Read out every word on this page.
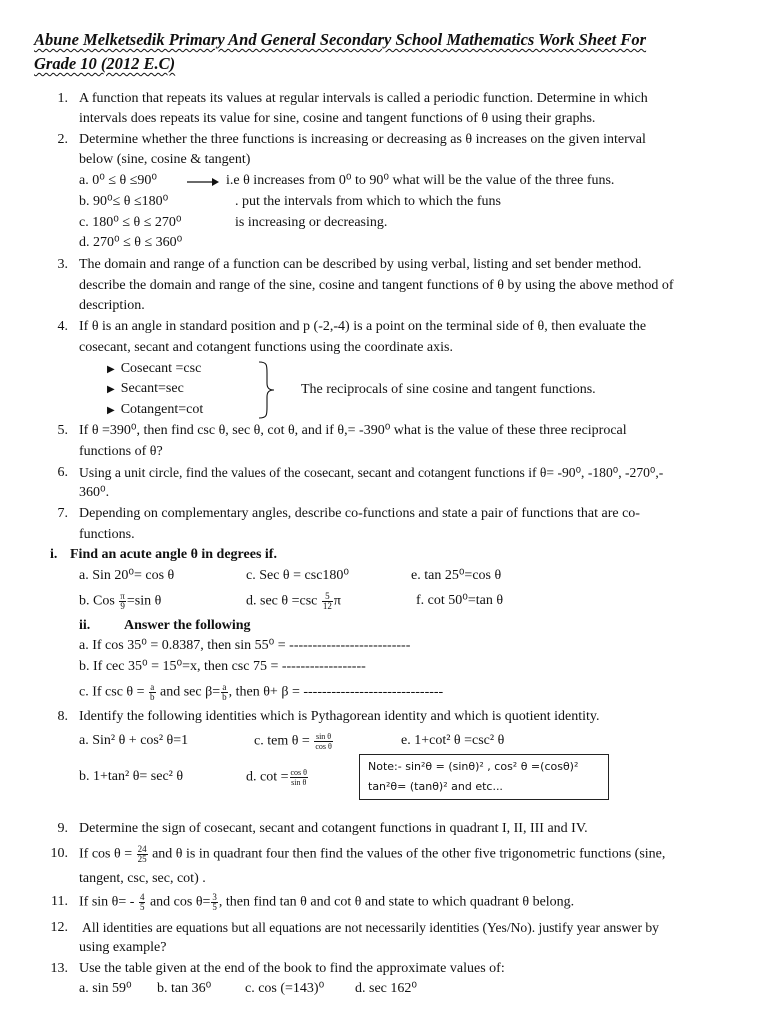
Abune Melketsedik Primary And General Secondary School Mathematics Work Sheet For
Grade 10 (2012 E.C)
1. A function that repeats its values at regular intervals is called a periodic function. Determine in which
intervals does repeats its value for sine, cosine and tangent functions of θ using their graphs.
2. Determine whether the three functions is increasing or decreasing as θ increases on the given interval
below (sine, cosine & tangent)
a. 0⁰ ≤ θ ≤90⁰	i.e θ increases from 0⁰ to 90⁰ what will be the value of the three funs.
b. 90⁰≤ θ ≤180⁰	. put the intervals from which to which the funs
c. 180⁰ ≤ θ ≤ 270⁰	is increasing or decreasing.
d. 270⁰ ≤ θ ≤ 360⁰
3. The domain and range of a function can be described by using verbal, listing and set bender method.
describe the domain and range of the sine, cosine and tangent functions of θ by using the above method of
description.
4. If θ is an angle in standard position and p (-2,-4) is a point on the terminal side of θ, then evaluate the
cosecant, secant and cotangent functions using the coordinate axis.
▶ Cosecant =csc
▶ Secant=sec
▶ Cotangent=cot
The reciprocals of sine cosine and tangent functions.
5. If θ =390⁰, then find csc θ, sec θ, cot θ, and if θ,= -390⁰ what is the value of these three reciprocal
functions of θ?
6. Using a unit circle, find the values of the cosecant, secant and cotangent functions if θ= -90⁰, -180⁰, -270⁰,-
360⁰.
7. Depending on complementary angles, describe co-functions and state a pair of functions that are co-
functions.
i. Find an acute angle θ in degrees if.
a. Sin 20⁰= cos θ	c. Sec θ = csc180⁰	e. tan 25⁰=cos θ
b. Cos $\frac{\pi}{9} =\sin$ θ	d. $\sec \theta =\csc \frac{5}{12}$ π	f. cot 50⁰=tan θ
ii. Answer the following
a. If cos 35⁰ = 0.8387, then sin 55⁰ = --------------------------
b. If cec 35⁰ = 15⁰=x, then csc 75 = ------------------
c. If $\csc \theta = \frac{a}{b}$ and $\sec \beta= \frac{a}{b}$ , then θ+ β = ------------------------------
8. Identify the following identities which is Pythagorean identity and which is quotient identity.
a. Sin² θ + cos² θ=1	c. tem $\theta = \frac{\text{sin θ}}{\text{cos θ}}$	e. 1+cot² θ =csc² θ
b. 1+tan² θ= sec² θ	d. $\cot = \frac{\text{cos θ}}{\text{sin θ}}$
Note:- sin²θ = (sinθ)² , cos² θ =(cosθ)²
tan²θ= (tanθ)² and etc...
9. Determine the sign of cosecant, secant and cotangent functions in quadrant I, II, III and IV.
10. If $\cos \theta = \frac{24}{25}$ and θ is in quadrant four then find the values of the other five trigonometric functions (sine,
tangent, csc, sec, cot) .
11. If $\sin \theta= - \frac{4}{5}$ and $\cos \theta= \frac{3}{5}$ , then find tan θ and cot θ and state to which quadrant θ belong.
12. All identities are equations but all equations are not necessarily identities (Yes/No). justify year answer by
using example?
13. Use the table given at the end of the book to find the approximate values of:
a. sin 59⁰ b. tan 36⁰ c. cos (=143)⁰ d. sec 162⁰
